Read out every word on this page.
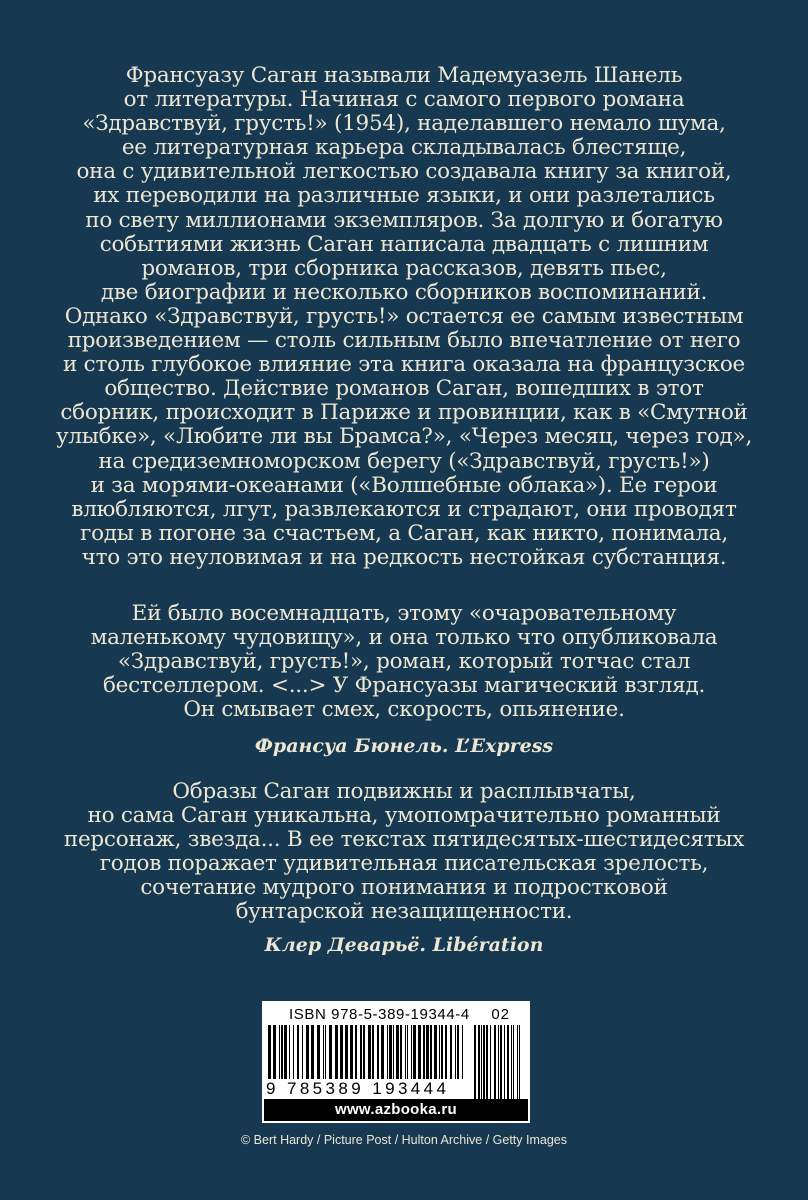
Франсуазу Саган называли Мадемуазель Шанель
от литературы. Начиная с самого первого романа
«Здравствуй, грусть!» (1954), наделавшего немало шума,
ее литературная карьера складывалась блестяще,
она с удивительной легкостью создавала книгу за книгой,
их переводили на различные языки, и они разлетались
по свету миллионами экземпляров. За долгую и богатую
событиями жизнь Саган написала двадцать с лишним
романов, три сборника рассказов, девять пьес,
две биографии и несколько сборников воспоминаний.
Однако «Здравствуй, грусть!» остается ее самым известным
произведением — столь сильным было впечатление от него
и столь глубокое влияние эта книга оказала на французское
общество. Действие романов Саган, вошедших в этот
сборник, происходит в Париже и провинции, как в «Смутной
улыбке», «Любите ли вы Брамса?», «Через месяц, через год»,
на средиземноморском берегу («Здравствуй, грусть!»)
и за морями-океанами («Волшебные облака»). Ее герои
влюбляются, лгут, развлекаются и страдают, они проводят
годы в погоне за счастьем, а Саган, как никто, понимала,
что это неуловимая и на редкость нестойкая субстанция.
Ей было восемнадцать, этому «очаровательному
маленькому чудовищу», и она только что опубликовала
«Здравствуй, грусть!», роман, который тотчас стал
бестселлером. <...> У Франсуазы магический взгляд.
Он смывает смех, скорость, опьянение.
Франсуа Бюнель. L’Express
Образы Саган подвижны и расплывчаты,
но сама Саган уникальна, умопомрачительно романный
персонаж, звезда... В ее текстах пятидесятых-шестидесятых
годов поражает удивительная писательская зрелость,
сочетание мудрого понимания и подростковой
бунтарской незащищенности.
Клер Деварьё. Libération
ISBN 978-5-389-19344-4 02
9 785389 193444
www.azbooka.ru
© Bert Hardy / Picture Post / Hulton Archive / Getty Images
